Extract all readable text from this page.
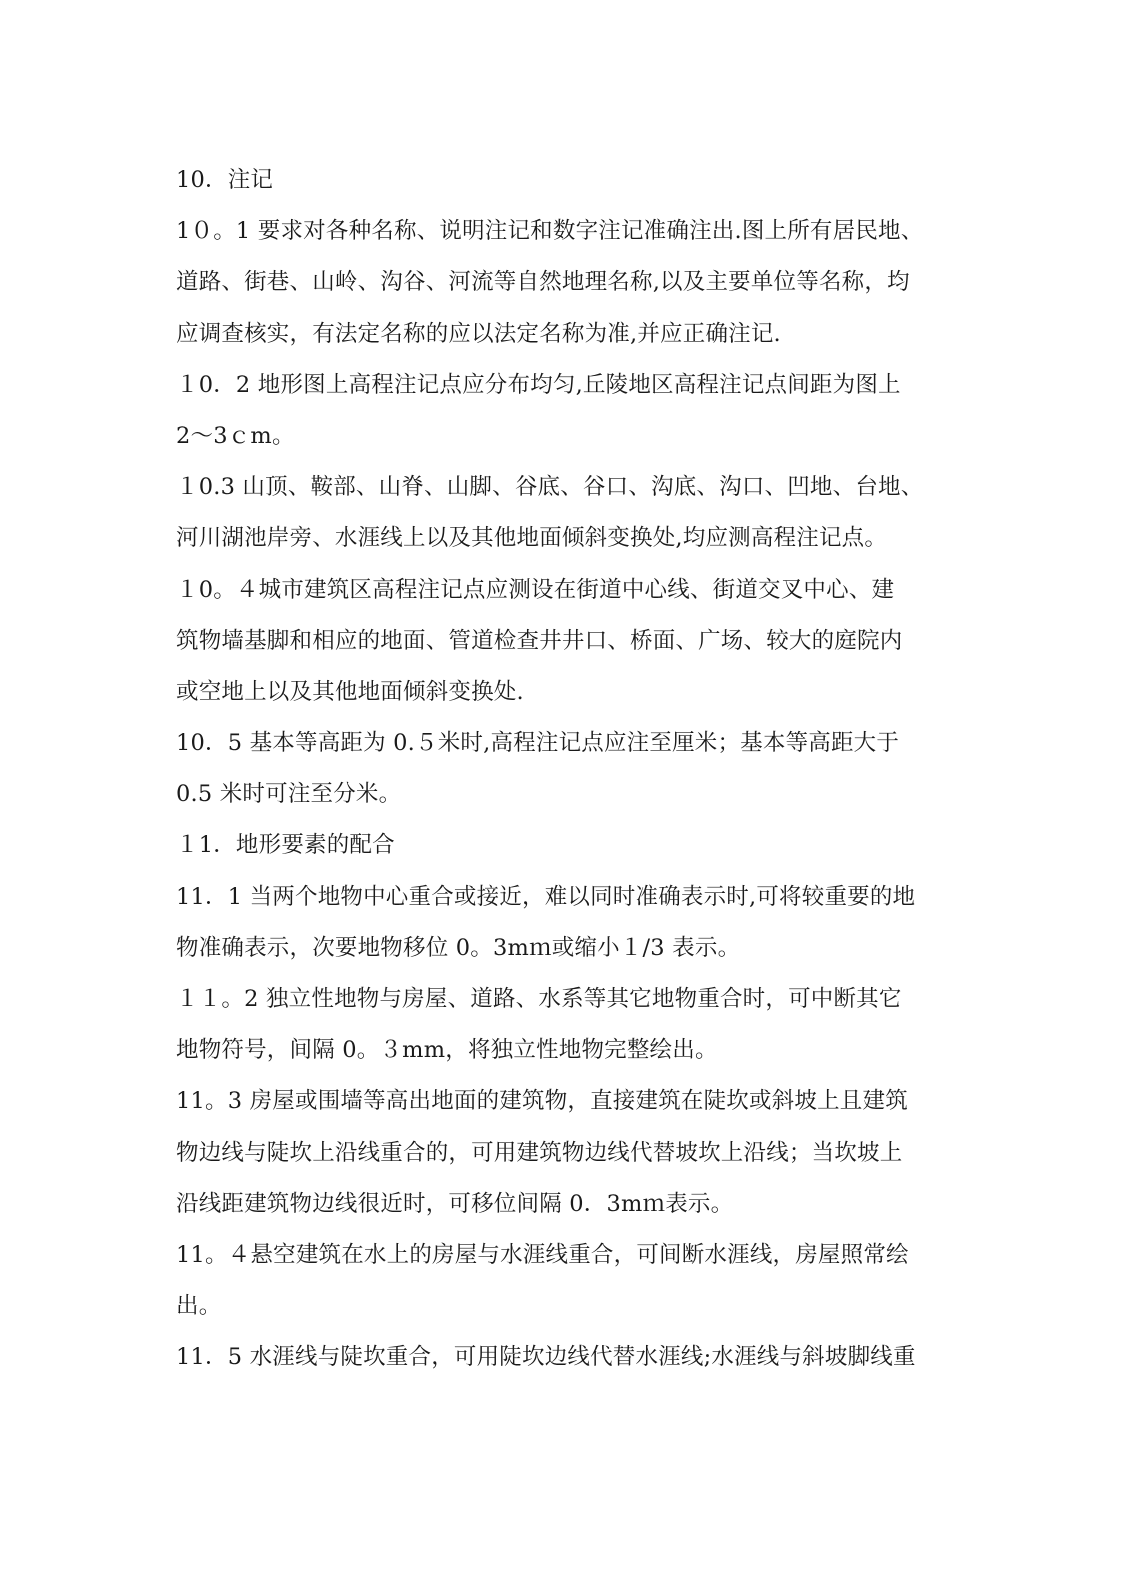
10．注记
1０。1 要求对各种名称、说明注记和数字注记准确注出.图上所有居民地、
道路、街巷、山岭、沟谷、河流等自然地理名称,以及主要单位等名称，均
应调查核实，有法定名称的应以法定名称为准,并应正确注记.
１0．2 地形图上高程注记点应分布均匀,丘陵地区高程注记点间距为图上
2～3ｃm。
１0.3 山顶、鞍部、山脊、山脚、谷底、谷口、沟底、沟口、凹地、台地、
河川湖池岸旁、水涯线上以及其他地面倾斜变换处,均应测高程注记点。
１0。４城市建筑区高程注记点应测设在街道中心线、街道交叉中心、建
筑物墙基脚和相应的地面、管道检查井井口、桥面、广场、较大的庭院内
或空地上以及其他地面倾斜变换处.
10．5 基本等高距为 0.５米时,高程注记点应注至厘米；基本等高距大于
0.5 米时可注至分米。
１1．地形要素的配合
11．1 当两个地物中心重合或接近，难以同时准确表示时,可将较重要的地
物准确表示，次要地物移位 0。3mｍ或缩小１/3 表示。
１１。2 独立性地物与房屋、道路、水系等其它地物重合时，可中断其它
地物符号，间隔 0。３mm，将独立性地物完整绘出。
11。3 房屋或围墙等高出地面的建筑物，直接建筑在陡坎或斜坡上且建筑
物边线与陡坎上沿线重合的，可用建筑物边线代替坡坎上沿线；当坎坡上
沿线距建筑物边线很近时，可移位间隔 0．3mｍ表示。
11。４悬空建筑在水上的房屋与水涯线重合，可间断水涯线，房屋照常绘
出。
11．5 水涯线与陡坎重合，可用陡坎边线代替水涯线;水涯线与斜坡脚线重
